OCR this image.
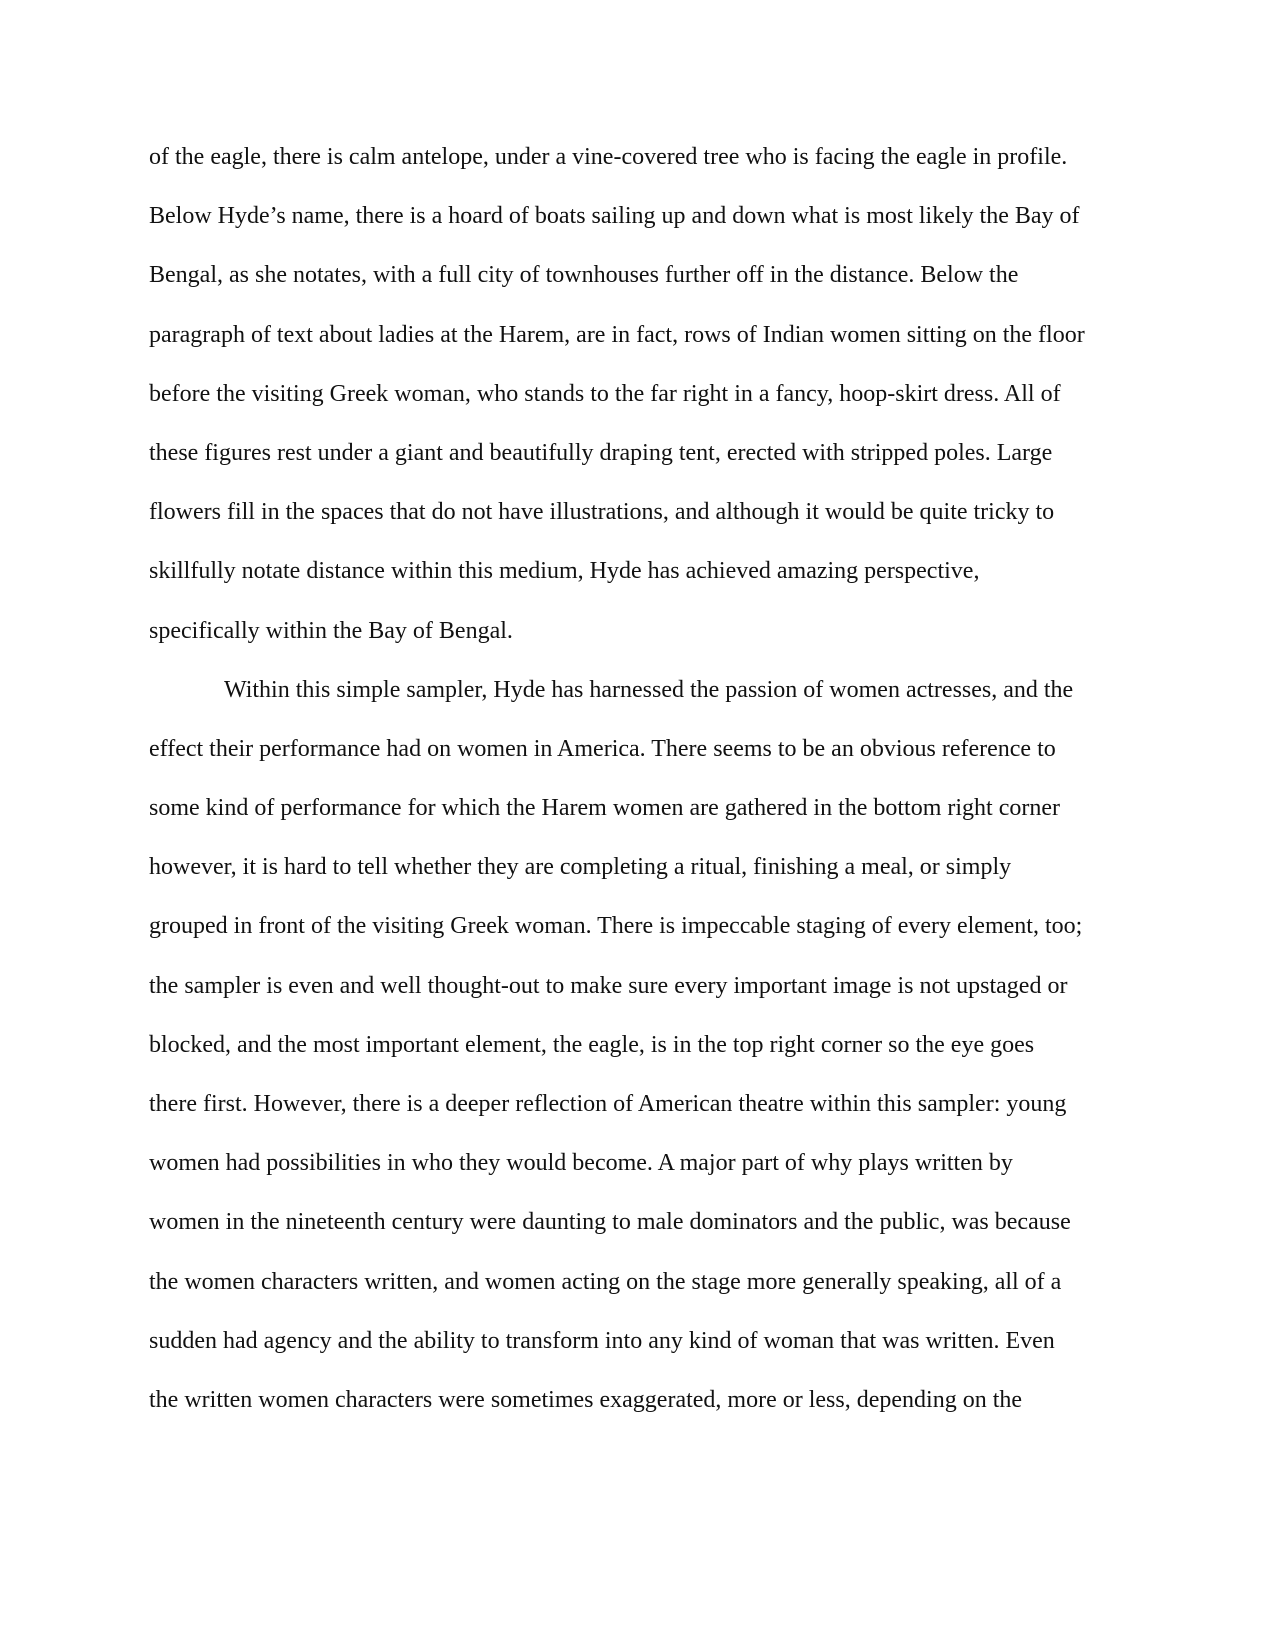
of the eagle, there is calm antelope, under a vine-covered tree who is facing the eagle in profile.
Below Hyde’s name, there is a hoard of boats sailing up and down what is most likely the Bay of
Bengal, as she notates, with a full city of townhouses further off in the distance. Below the
paragraph of text about ladies at the Harem, are in fact, rows of Indian women sitting on the floor
before the visiting Greek woman, who stands to the far right in a fancy, hoop-skirt dress. All of
these figures rest under a giant and beautifully draping tent, erected with stripped poles. Large
flowers fill in the spaces that do not have illustrations, and although it would be quite tricky to
skillfully notate distance within this medium, Hyde has achieved amazing perspective,
specifically within the Bay of Bengal.
Within this simple sampler, Hyde has harnessed the passion of women actresses, and the
effect their performance had on women in America. There seems to be an obvious reference to
some kind of performance for which the Harem women are gathered in the bottom right corner
however, it is hard to tell whether they are completing a ritual, finishing a meal, or simply
grouped in front of the visiting Greek woman. There is impeccable staging of every element, too;
the sampler is even and well thought-out to make sure every important image is not upstaged or
blocked, and the most important element, the eagle, is in the top right corner so the eye goes
there first. However, there is a deeper reflection of American theatre within this sampler: young
women had possibilities in who they would become. A major part of why plays written by
women in the nineteenth century were daunting to male dominators and the public, was because
the women characters written, and women acting on the stage more generally speaking, all of a
sudden had agency and the ability to transform into any kind of woman that was written. Even
the written women characters were sometimes exaggerated, more or less, depending on the
